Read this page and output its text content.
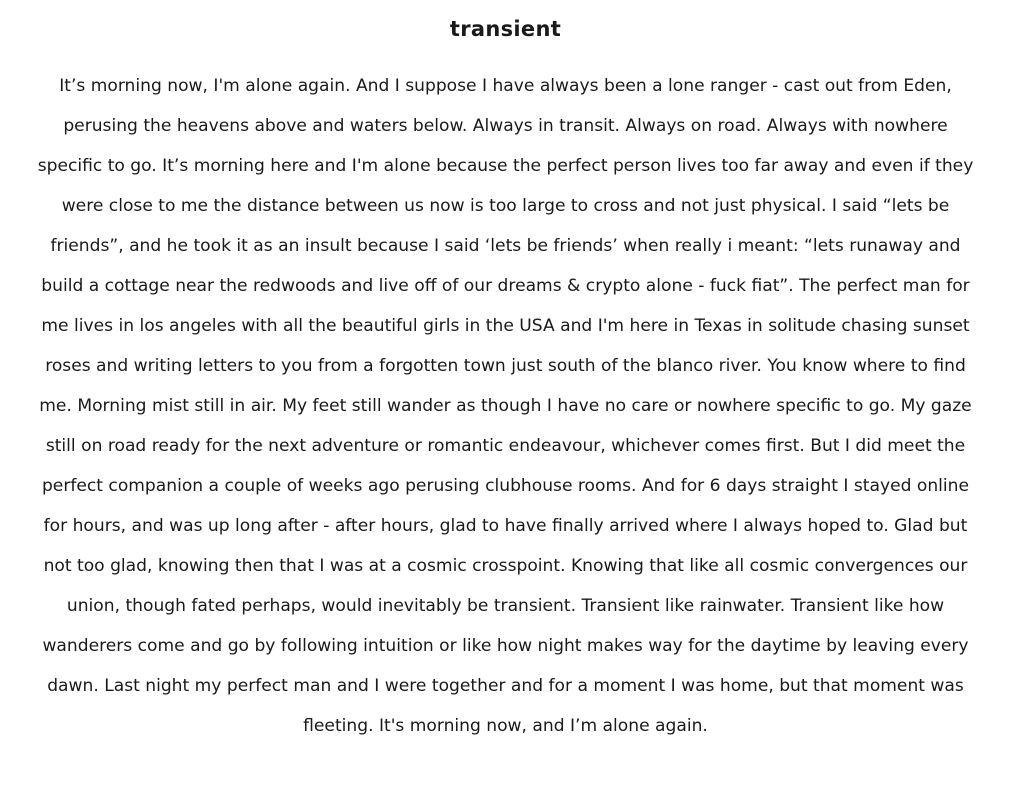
transient

It’s morning now, I'm alone again. And I suppose I have always been a lone ranger - cast out from Eden, perusing the heavens above and waters below. Always in transit. Always on road. Always with nowhere specific to go. It’s morning here and I'm alone because the perfect person lives too far away and even if they were close to me the distance between us now is too large to cross and not just physical. I said “lets be friends”, and he took it as an insult because I said ‘lets be friends’ when really i meant: “lets runaway and build a cottage near the redwoods and live off of our dreams & crypto alone - fuck fiat”. The perfect man for me lives in los angeles with all the beautiful girls in the USA and I'm here in Texas in solitude chasing sunset roses and writing letters to you from a forgotten town just south of the blanco river. You know where to find me. Morning mist still in air. My feet still wander as though I have no care or nowhere specific to go. My gaze still on road ready for the next adventure or romantic endeavour, whichever comes first. But I did meet the perfect companion a couple of weeks ago perusing clubhouse rooms. And for 6 days straight I stayed online for hours, and was up long after - after hours, glad to have finally arrived where I always hoped to. Glad but not too glad, knowing then that I was at a cosmic crosspoint. Knowing that like all cosmic convergences our union, though fated perhaps, would inevitably be transient. Transient like rainwater. Transient like how wanderers come and go by following intuition or like how night makes way for the daytime by leaving every dawn. Last night my perfect man and I were together and for a moment I was home, but that moment was fleeting. It's morning now, and I’m alone again.
